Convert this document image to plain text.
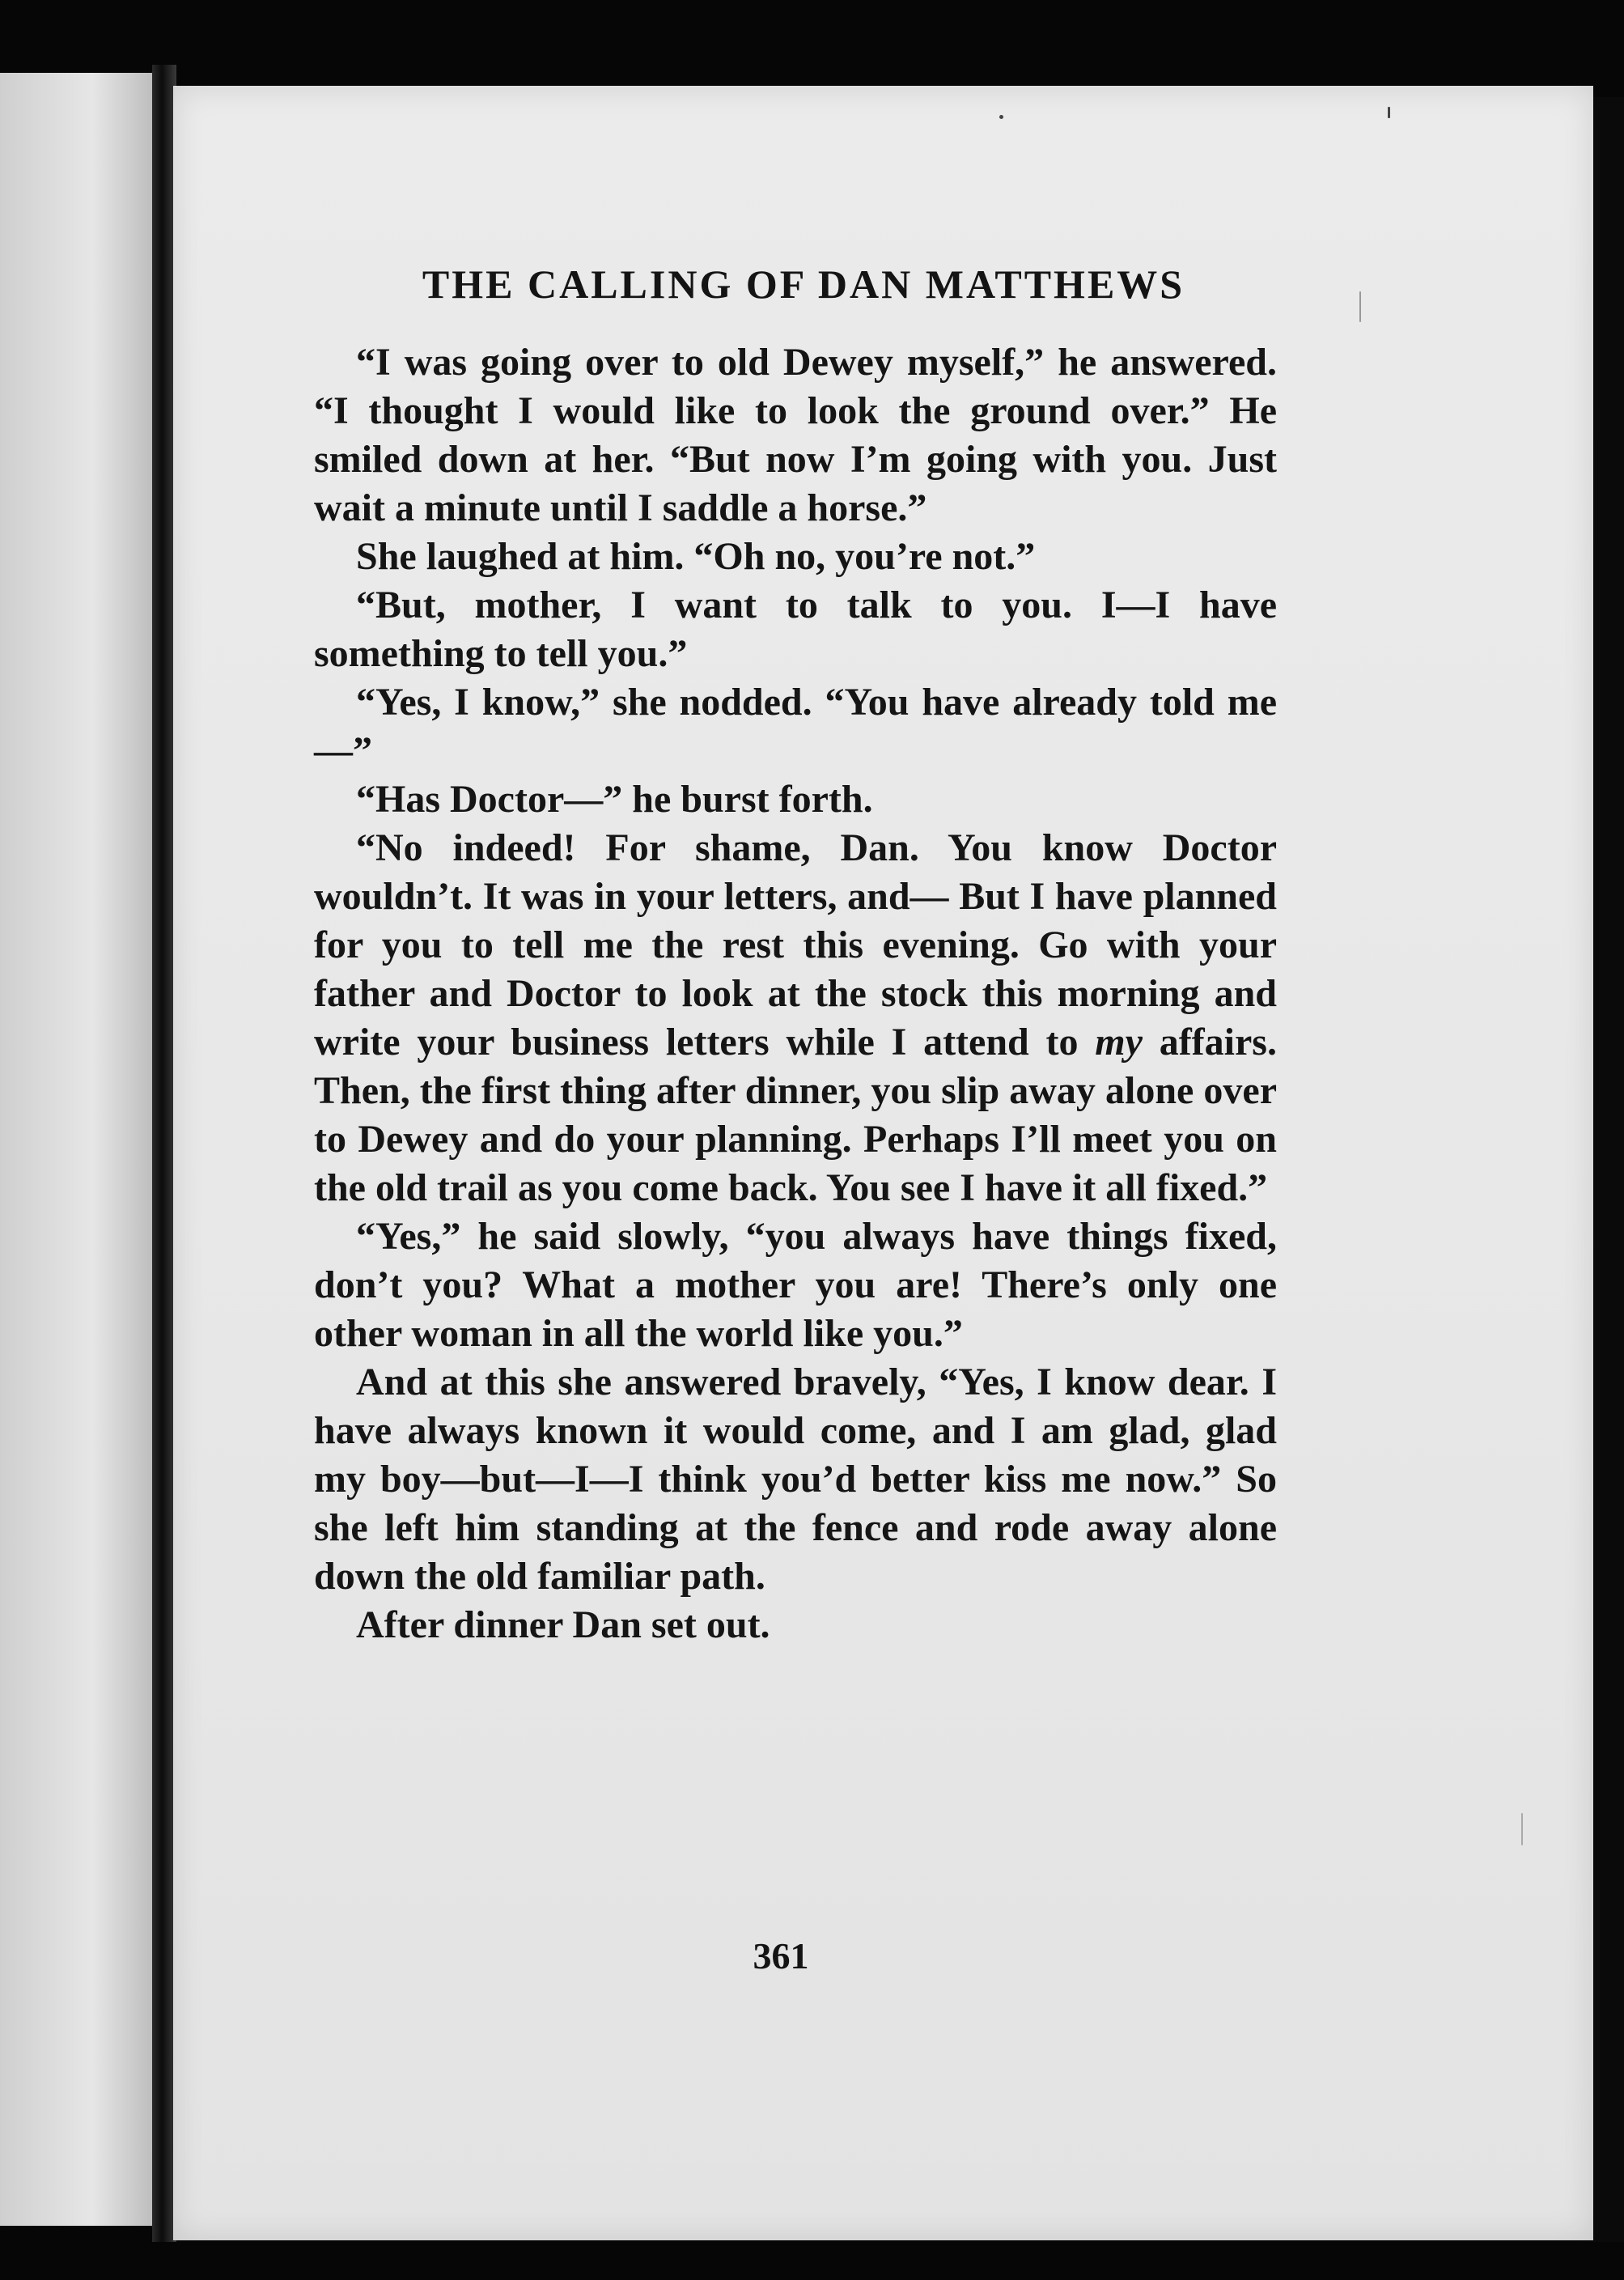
THE CALLING OF DAN MATTHEWS

“I was going over to old Dewey myself,” he answered. “I thought I would like to look the ground over.” He smiled down at her. “But now I’m going with you. Just wait a minute until I saddle a horse.”

She laughed at him. “Oh no, you’re not.”

“But, mother, I want to talk to you. I—I have something to tell you.”

“Yes, I know,” she nodded. “You have already told me—”

“Has Doctor—” he burst forth.

“No indeed! For shame, Dan. You know Doctor wouldn’t. It was in your letters, and— But I have planned for you to tell me the rest this evening. Go with your father and Doctor to look at the stock this morning and write your business letters while I attend to my affairs. Then, the first thing after dinner, you slip away alone over to Dewey and do your planning. Perhaps I’ll meet you on the old trail as you come back. You see I have it all fixed.”

“Yes,” he said slowly, “you always have things fixed, don’t you? What a mother you are! There’s only one other woman in all the world like you.”

And at this she answered bravely, “Yes, I know dear. I have always known it would come, and I am glad, glad my boy—but—I—I think you’d better kiss me now.” So she left him standing at the fence and rode away alone down the old familiar path.

After dinner Dan set out.

361
